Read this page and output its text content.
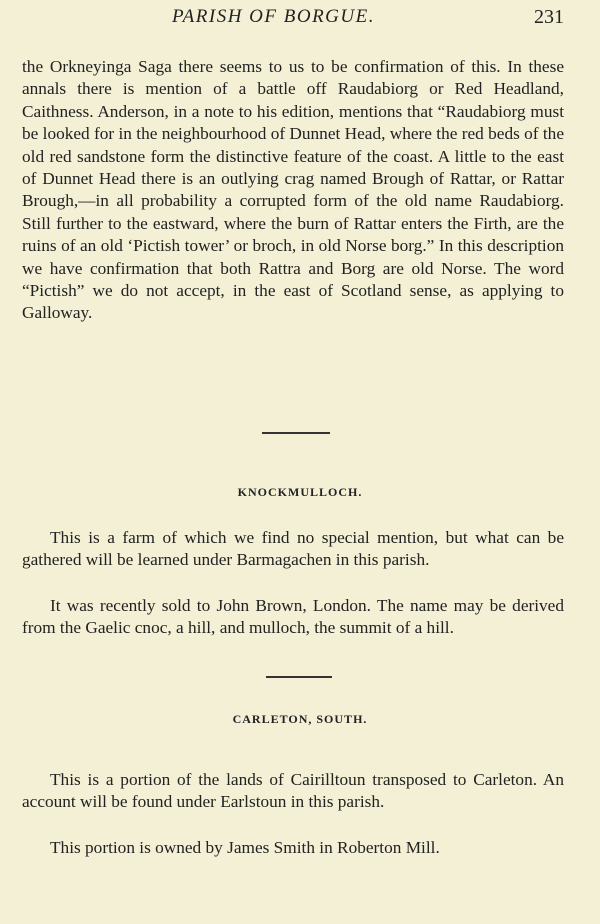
PARISH OF BORGUE.	231

the Orkneyinga Saga there seems to us to be confirmation of this. In these annals there is mention of a battle off Raudabiorg or Red Headland, Caithness. Anderson, in a note to his edition, mentions that “Raudabiorg must be looked for in the neighbourhood of Dunnet Head, where the red beds of the old red sandstone form the distinctive feature of the coast. A little to the east of Dunnet Head there is an outlying crag named Brough of Rattar, or Rattar Brough,—in all probability a corrupted form of the old name Raudabiorg. Still further to the eastward, where the burn of Rattar enters the Firth, are the ruins of an old ‘Pictish tower’ or broch, in old Norse borg.” In this description we have confirmation that both Rattra and Borg are old Norse. The word “Pictish” we do not accept, in the east of Scotland sense, as applying to Galloway.

KNOCKMULLOCH.

This is a farm of which we find no special mention, but what can be gathered will be learned under Barmagachen in this parish.

It was recently sold to John Brown, London. The name may be derived from the Gaelic cnoc, a hill, and mulloch, the summit of a hill.

CARLETON, SOUTH.

This is a portion of the lands of Cairilltoun transposed to Carleton. An account will be found under Earlstoun in this parish.

This portion is owned by James Smith in Roberton Mill.
